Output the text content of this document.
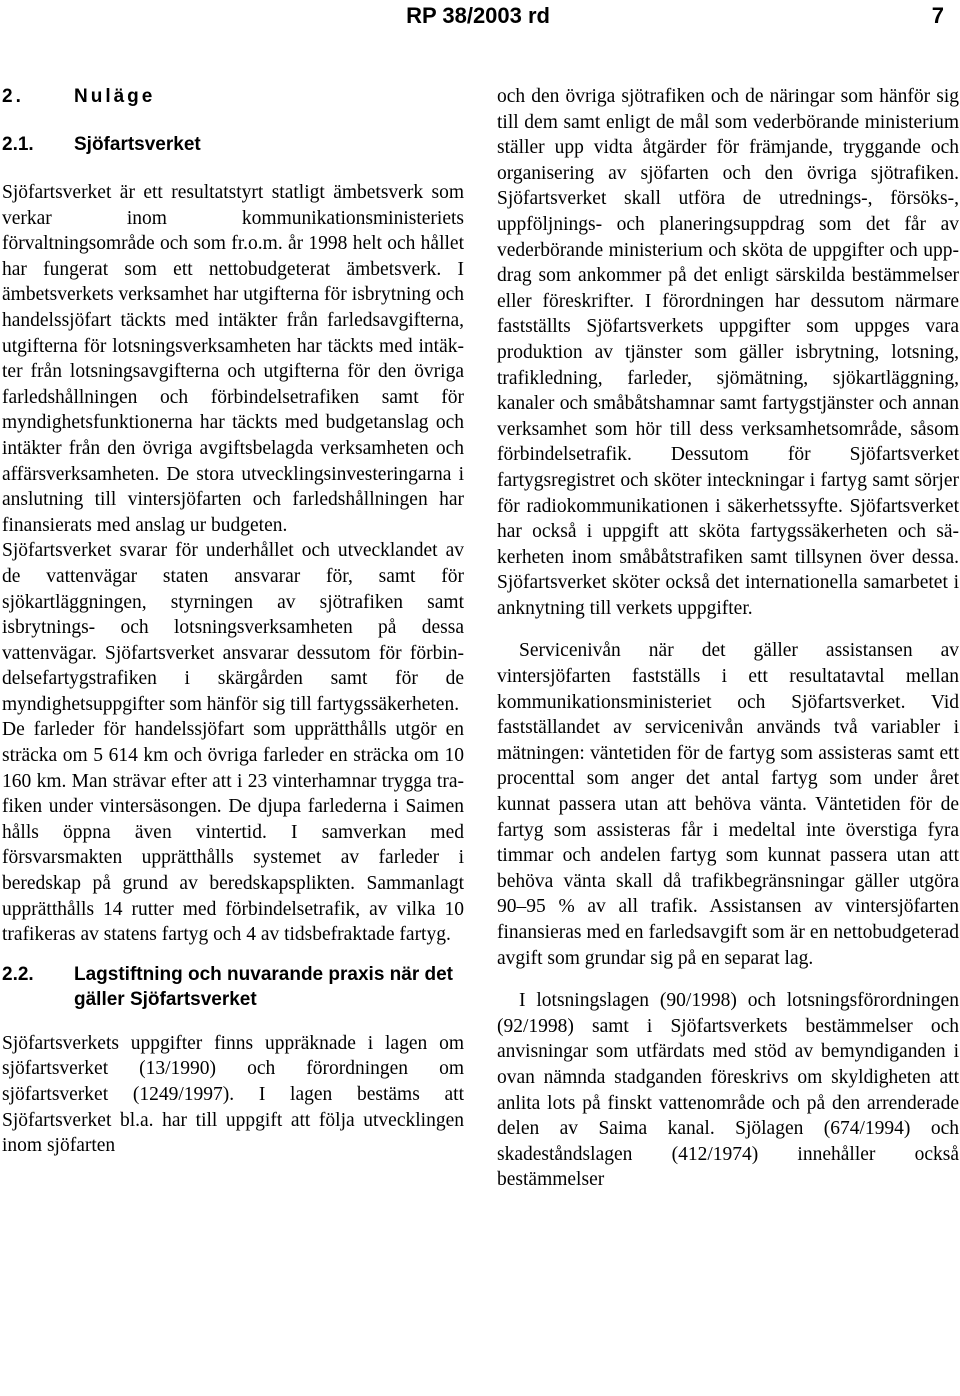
RP 38/2003 rd	7
2.	Nuläge
2.1.	Sjöfartsverket

Sjöfartsverket är ett resultatstyrt statligt ämbetsverk som verkar inom kommunikationsministeriets förvaltningsområde och som fr.o.m. år 1998 helt och hållet har fungerat som ett nettobudgeterat ämbetsverk. I ämbetsverkets verksamhet har utgifterna för isbrytning och handelssjöfart täckts med intäkter från farledsavgifterna, utgifterna för lotsningsverksamheten har täckts med intäkter från lotsningsavgifterna och utgifterna för den övriga farledshållningen och förbindelsetrafiken samt för myndighetsfunktionerna har täckts med budgetanslag och intäkter från den övriga avgiftsbelagda verksamheten och affärsverksamheten. De stora utvecklingsinvesteringarna i anslutning till vintersjöfarten och farledshållningen har finansierats med anslag ur budgeten.

Sjöfartsverket svarar för underhållet och utvecklandet av de vattenvägar staten ansvarar för, samt för sjökartläggningen, styrningen av sjötrafiken samt isbrytnings- och lotsningsverksamheten på dessa vattenvägar. Sjöfartsverket ansvarar dessutom för förbindelsefartygstrafiken i skärgården samt för de myndighetsuppgifter som hänför sig till fartygssäkerheten.

De farleder för handelssjöfart som upprätthålls utgör en sträcka om 5 614 km och övriga farleder en sträcka om 10 160 km. Man strävar efter att i 23 vinterhamnar trygga trafiken under vintersäsongen. De djupa farlederna i Saimen hålls öppna även vintertid. I samverkan med försvarsmakten upprätthålls systemet av farleder i beredskap på grund av beredskapsplikten. Sammanlagt upprätthålls 14 rutter med förbindelsetrafik, av vilka 10 trafikeras av statens fartyg och 4 av tidsbefraktade fartyg.

2.2.	Lagstiftning och nuvarande praxis när det gäller Sjöfartsverket

Sjöfartsverkets uppgifter finns uppräknade i lagen om sjöfartsverket (13/1990) och förordningen om sjöfartsverket (1249/1997). I lagen bestäms att Sjöfartsverket bl.a. har till uppgift att följa utvecklingen inom sjöfarten

och den övriga sjötrafiken och de näringar som hänför sig till dem samt enligt de mål som vederbörande ministerium ställer upp vidta åtgärder för främjande, tryggande och organisering av sjöfarten och den övriga sjötrafiken. Sjöfartsverket skall utföra de utrednings-, försöks-, uppföljnings- och planeringsuppdrag som det får av vederbörande ministerium och sköta de uppgifter och uppdrag som ankommer på det enligt särskilda bestämmelser eller föreskrifter. I förordningen har dessutom närmare fastställts Sjöfartsverkets uppgifter som uppges vara produktion av tjänster som gäller isbrytning, lotsning, trafikledning, farleder, sjömätning, sjökartläggning, kanaler och småbåtshamnar samt fartygstjänster och annan verksamhet som hör till dess verksamhetsområde, såsom förbindelsetrafik. Dessutom för Sjöfartsverket fartygsregistret och sköter inteckningar i fartyg samt sörjer för radiokommunikationen i säkerhetssyfte. Sjöfartsverket har också i uppgift att sköta fartygssäkerheten och säkerheten inom småbåtstrafiken samt tillsynen över dessa. Sjöfartsverket sköter också det internationella samarbetet i anknytning till verkets uppgifter.

Servicenivån när det gäller assistansen av vintersjöfarten fastställs i ett resultatavtal mellan kommunikationsministeriet och Sjöfartsverket. Vid fastställandet av servicenivån används två variabler i mätningen: väntetiden för de fartyg som assisteras samt ett procenttal som anger det antal fartyg som under året kunnat passera utan att behöva vänta. Väntetiden för de fartyg som assisteras får i medeltal inte överstiga fyra timmar och andelen fartyg som kunnat passera utan att behöva vänta skall då trafikbegränsningar gäller utgöra 90–95 % av all trafik. Assistansen av vintersjöfarten finansieras med en farledsavgift som är en nettobudgeterad avgift som grundar sig på en separat lag.

I lotsningslagen (90/1998) och lotsningsförordningen (92/1998) samt i Sjöfartsverkets bestämmelser och anvisningar som utfärdats med stöd av bemyndiganden i ovan nämnda stadganden föreskrivs om skyldigheten att anlita lots på finskt vattenområde och på den arrenderade delen av Saima kanal. Sjölagen (674/1994) och skadeståndslagen (412/1974) innehåller också bestämmelser
